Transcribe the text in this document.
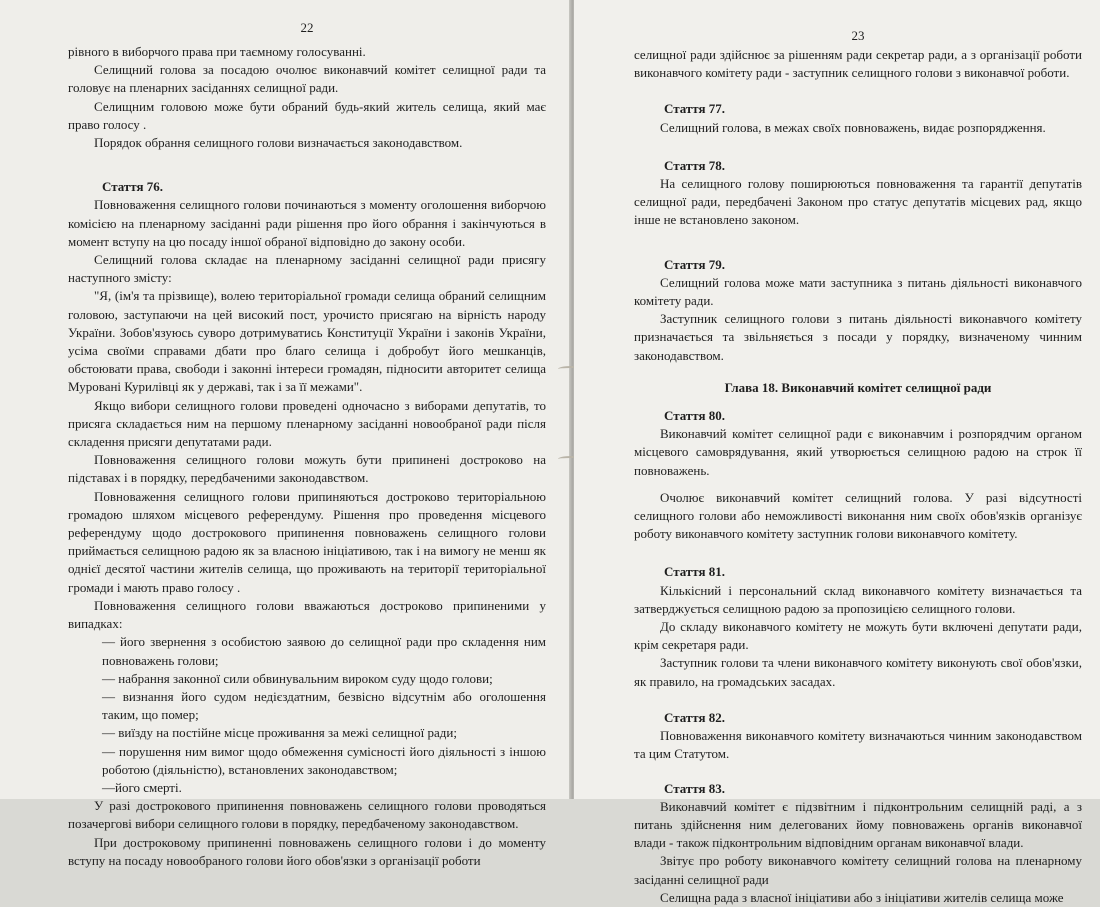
22

рівного в виборчого права при таємному голосуванні.

Селищний голова за посадою очолює виконавчий комітет селищної ради та головує на пленарних засіданнях селищної ради.

Селищним головою може бути обраний будь-який житель селища, який має право голосу .

Порядок обрання селищного голови визначається законодавством.

Стаття 76.

Повноваження селищного голови починаються з моменту оголошення виборчою комісією на пленарному засіданні ради рішення про його обрання і закінчуються в момент вступу на цю посаду іншої обраної відповідно до закону особи.

Селищний голова складає на пленарному засіданні селищної ради присягу наступного змісту:

"Я, (ім'я та прізвище), волею територіальної громади селища обраний селищним головою, заступаючи на цей високий пост, урочисто присягаю на вірність народу України. Зобов'язуюсь суворо дотримуватись Конституції України і законів України, усіма своїми справами дбати про благо селища і добробут його мешканців, обстоювати права, свободи і законні інтереси громадян, підносити авторитет селища Мурованi Курилівці як у державі, так і за її межами".

Якщо вибори селищного голови проведені одночасно з виборами депутатів, то присяга складається ним на першому пленарному засіданні новообраної ради після складення присяги депутатами ради.

Повноваження селищного голови можуть бути припинені достроково на підставах і в порядку, передбаченими законодавством.

Повноваження селищного голови припиняються достроково територіальною громадою шляхом місцевого референдуму. Рішення про проведення місцевого референдуму щодо дострокового припинення повноважень селищного голови приймається селищною радою як за власною ініціативою, так і на вимогу не менш як однієї десятої частини жителів селища, що проживають на території територіальної громади і мають право голосу .

Повноваження селищного голови вважаються достроково припиненими у випадках:

— його звернення з особистою заявою до селищної ради про складення ним повноважень голови;

— набрання законної сили обвинувальним вироком суду щодо голови;

— визнання його судом недієздатним, безвісно відсутнім або оголошення таким, що помер;

— виїзду на постійне місце проживання за межі селищної ради;

— порушення ним вимог щодо обмеження сумісності його діяльності з іншою роботою (діяльністю), встановлених законодавством;

—його смерті.

У разі дострокового припинення повноважень селищного голови проводяться позачергові вибори селищного голови в порядку, передбаченому законодавством.

При достроковому припиненні повноважень селищного голови і до моменту вступу на посаду новообраного голови його обов'язки з організації роботи

23

селищної ради здійснює за рішенням ради секретар ради, а з організації роботи виконавчого комітету ради - заступник селищного голови з виконавчої роботи.

Стаття 77.

Селищний голова, в межах своїх повноважень, видає розпорядження.

Стаття 78.

На селищного голову поширюються повноваження та гарантії депутатів селищної ради, передбачені Законом про статус депутатів місцевих рад, якщо інше не встановлено законом.

Стаття 79.

Селищний голова може мати заступника з питань діяльності виконавчого комітету ради.

Заступник селищного голови з питань діяльності виконавчого комітету призначається та звільняється з посади у порядку, визначеному чинним законодавством.

Глава 18. Виконавчий комітет селищної ради

Стаття 80.

Виконавчий комітет селищної ради є виконавчим і розпорядчим органом місцевого самоврядування, який утворюється селищною радою на строк її повноважень.

Очолює виконавчий комітет селищний голова. У разі відсутності селищного голови або неможливості виконання ним своїх обов'язків організує роботу виконавчого комітету заступник голови виконавчого комітету.

Стаття 81.

Кількісний і персональний склад виконавчого комітету визначається та затверджується селищною радою за пропозицією селищного голови.

До складу виконавчого комітету не можуть бути включені депутати ради, крім секретаря ради.

Заступник голови та члени виконавчого комітету виконують свої обов'язки, як правило, на громадських засадах.

Стаття 82.

Повноваження виконавчого комітету визначаються чинним законодавством та цим Статутом.

Стаття 83.

Виконавчий комітет є підзвітним і підконтрольним селищній раді, а з питань здійснення ним делегованих йому повноважень органів виконавчої влади - також підконтрольним відповідним органам виконавчої влади.

Звітує про роботу виконавчого комітету селищний голова на пленарному засіданні селищної ради

Селищна рада з власної ініціативи або з ініціативи жителів селища може
